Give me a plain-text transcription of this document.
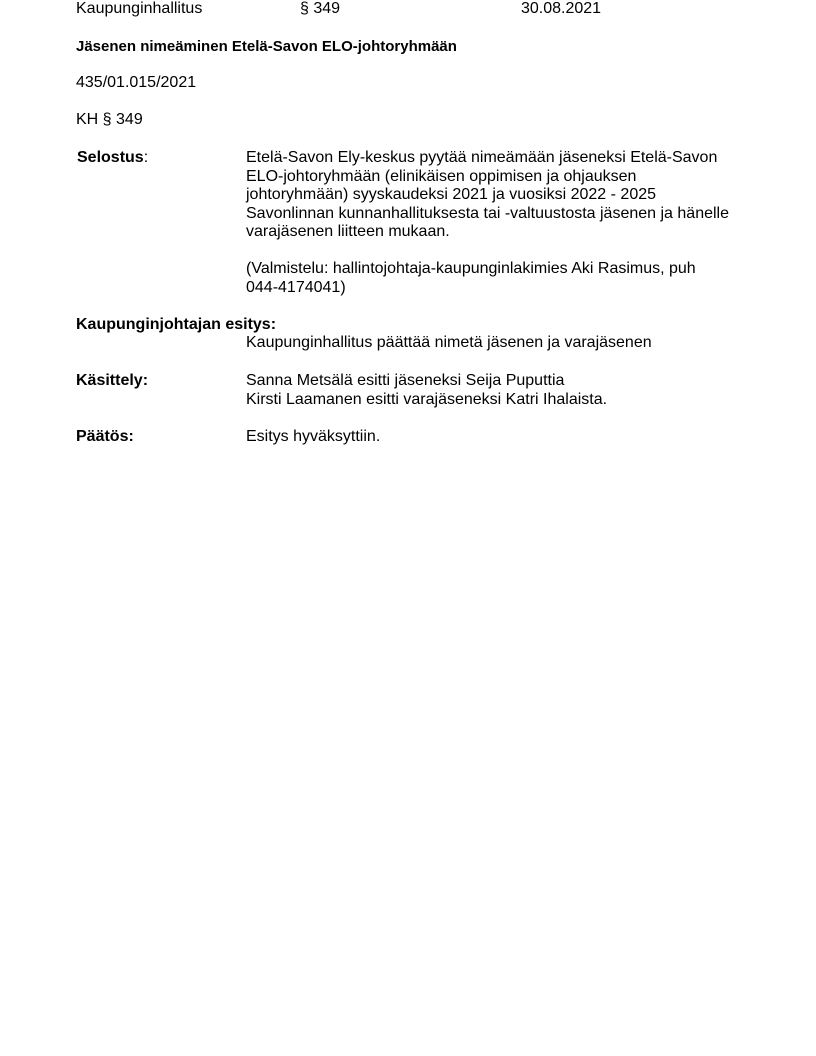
Kaupunginhallitus	§ 349	30.08.2021
Jäsenen nimeäminen Etelä-Savon ELO-johtoryhmään
435/01.015/2021
KH § 349
Selostus:	Etelä-Savon Ely-keskus pyytää nimeämään jäseneksi Etelä-Savon
ELO-johtoryhmään (elinikäisen oppimisen ja ohjauksen
johtoryhmään) syyskaudeksi 2021 ja vuosiksi 2022 - 2025
Savonlinnan kunnanhallituksesta tai -valtuustosta jäsenen ja hänelle
varajäsenen liitteen mukaan.
(Valmistelu: hallintojohtaja-kaupunginlakimies Aki Rasimus, puh
044-4174041)
Kaupunginjohtajan esitys:
Kaupunginhallitus päättää nimetä jäsenen ja varajäsenen
Käsittely:	Sanna Metsälä esitti jäseneksi Seija Puputtia
Kirsti Laamanen esitti varajäseneksi Katri Ihalaista.
Päätös:	Esitys hyväksyttiin.
